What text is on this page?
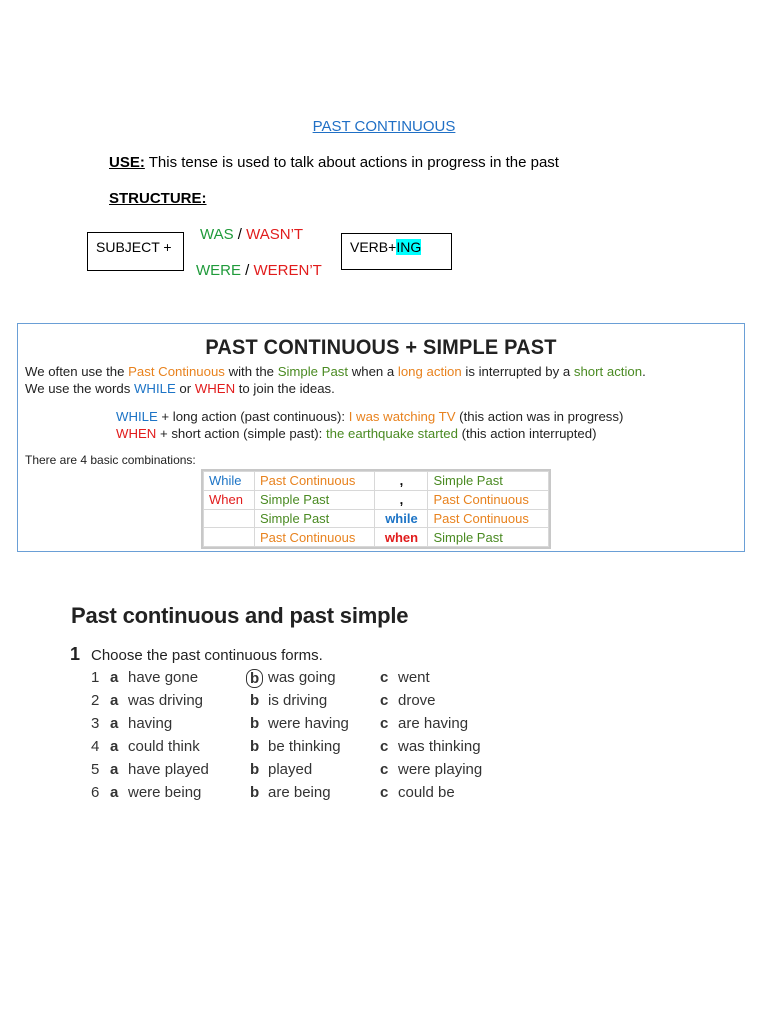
PAST CONTINUOUS
USE: This tense is used to talk about actions in progress in the past
STRUCTURE:
SUBJECT +
WAS / WASN’T
WERE / WEREN’T
VERB+ING
PAST CONTINUOUS + SIMPLE PAST
We often use the Past Continuous with the Simple Past when a long action is interrupted by a short action.
We use the words WHILE or WHEN to join the ideas.
WHILE + long action (past continuous): I was watching TV (this action was in progress)
WHEN + short action (simple past): the earthquake started (this action interrupted)
There are 4 basic combinations:
While	Past Continuous	,	Simple Past
When	Simple Past	,	Past Continuous
	Simple Past	while	Past Continuous
	Past Continuous	when	Simple Past
Past continuous and past simple
1 Choose the past continuous forms.
1 a have gone	b was going	c went
2 a was driving	b is driving	c drove
3 a having	b were having c are having
4 a could think	b be thinking	c was thinking
5 a have played	b played	c were playing
6 a were being	b are being	c could be
